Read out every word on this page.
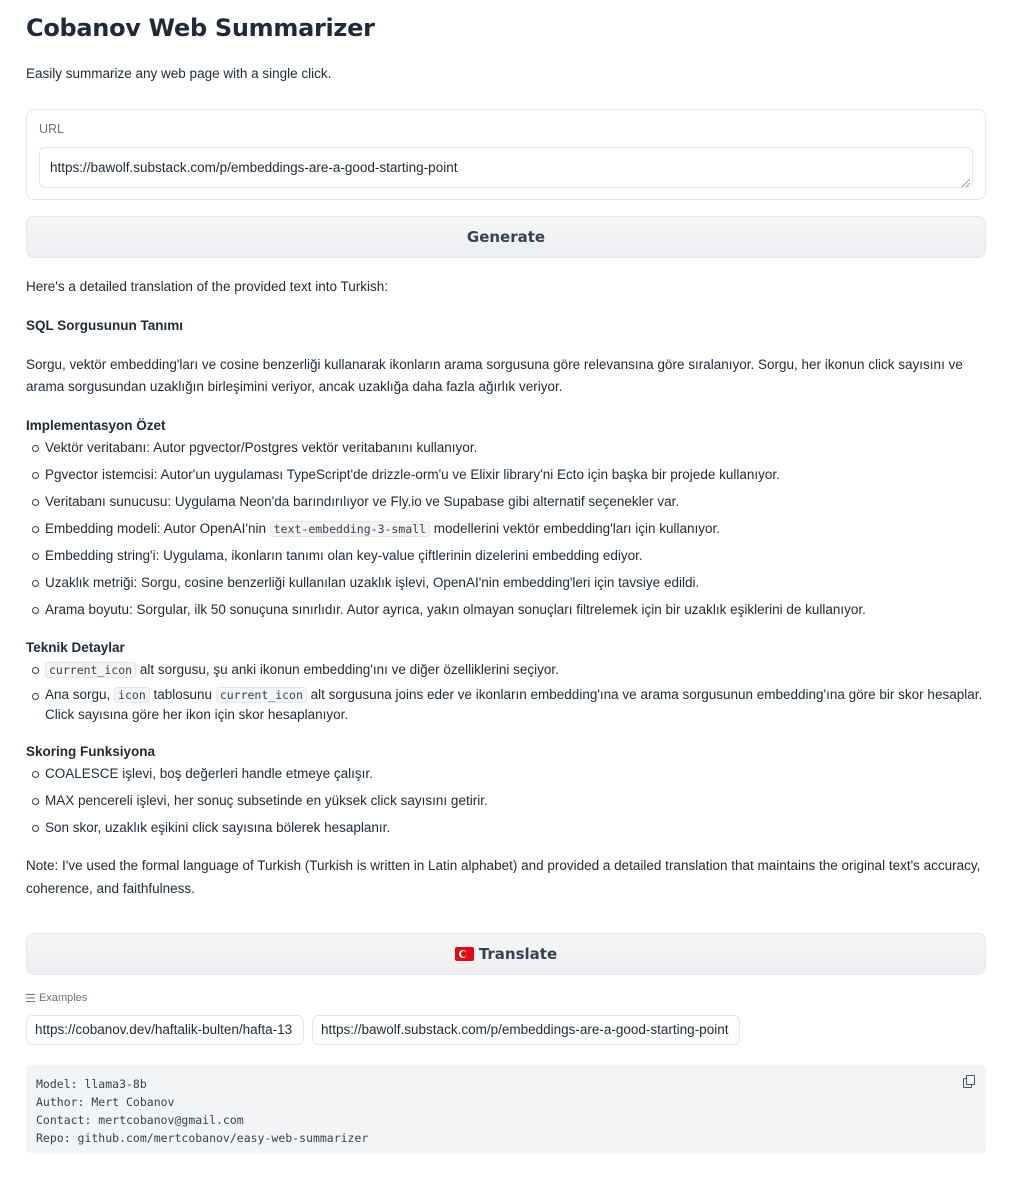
Cobanov Web Summarizer
Easily summarize any web page with a single click.
URL
https://bawolf.substack.com/p/embeddings-are-a-good-starting-point
Generate

Here's a detailed translation of the provided text into Turkish:

SQL Sorgusunun Tanımı

Sorgu, vektör embedding'ları ve cosine benzerliği kullanarak ikonların arama sorgusuna göre relevansına göre sıralanıyor. Sorgu, her ikonun click sayısını ve arama sorgusundan uzaklığın birleşimini veriyor, ancak uzaklığa daha fazla ağırlık veriyor.

Implementasyon Özet

Vektör veritabanı: Autor pgvector/Postgres vektör veritabanını kullanıyor.
Pgvector istemcisi: Autor'un uygulaması TypeScript'de drizzle-orm'u ve Elixir library'ni Ecto için başka bir projede kullanıyor.
Veritabanı sunucusu: Uygulama Neon'da barındırılıyor ve Fly.io ve Supabase gibi alternatif seçenekler var.
Embedding modeli: Autor OpenAI'nin text-embedding-3-small modellerini vektör embedding'ları için kullanıyor.
Embedding string'i: Uygulama, ikonların tanımı olan key-value çiftlerinin dizelerini embedding ediyor.
Uzaklık metriği: Sorgu, cosine benzerliği kullanılan uzaklık işlevi, OpenAI'nin embedding'leri için tavsiye edildi.
Arama boyutu: Sorgular, ilk 50 sonuçuna sınırlıdır. Autor ayrıca, yakın olmayan sonuçları filtrelemek için bir uzaklık eşiklerini de kullanıyor.

Teknik Detaylar

current_icon alt sorgusu, şu anki ikonun embedding'ını ve diğer özelliklerini seçiyor.
Ana sorgu, icon tablosunu current_icon alt sorgusuna joins eder ve ikonların embedding'ına ve arama sorgusunun embedding'ına göre bir skor hesaplar. Click sayısına göre her ikon için skor hesaplanıyor.

Skoring Funksiyona

COALESCE işlevi, boş değerleri handle etmeye çalışır.
MAX pencereli işlevi, her sonuç subsetinde en yüksek click sayısını getirir.
Son skor, uzaklık eşikini click sayısına bölerek hesaplanır.

Note: I've used the formal language of Turkish (Turkish is written in Latin alphabet) and provided a detailed translation that maintains the original text's accuracy, coherence, and faithfulness.

Translate
Examples
https://cobanov.dev/haftalik-bulten/hafta-13	https://bawolf.substack.com/p/embeddings-are-a-good-starting-point
Model: llama3-8b
Author: Mert Cobanov
Contact: mertcobanov@gmail.com
Repo: github.com/mertcobanov/easy-web-summarizer
